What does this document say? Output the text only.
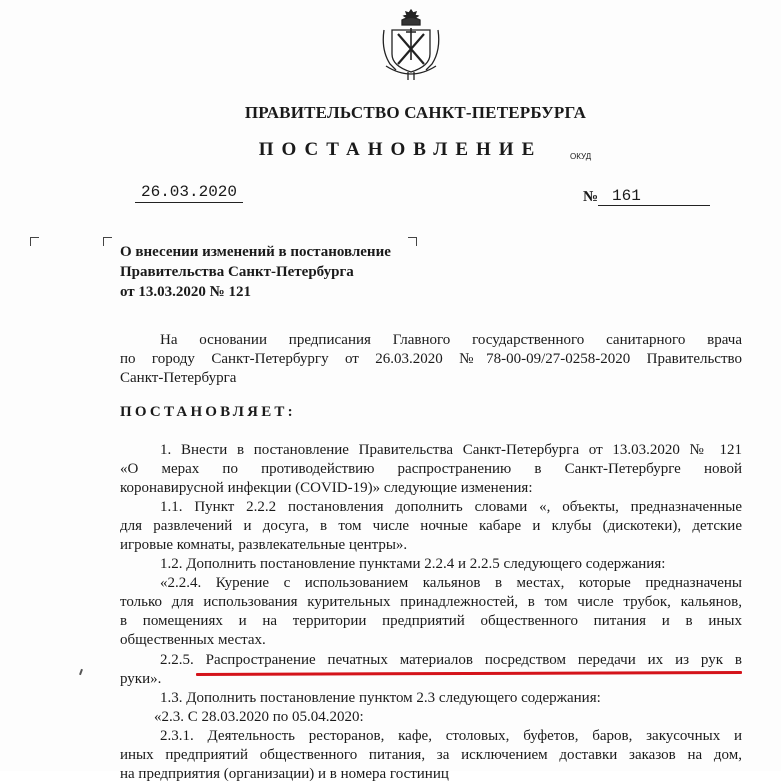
ПРАВИТЕЛЬСТВО САНКТ-ПЕТЕРБУРГА
ПОСТАНОВЛЕНИЕ	ОКУД
26.03.2020	№ 161
О внесении изменений в постановление
Правительства Санкт-Петербурга
от 13.03.2020 № 121
На основании предписания Главного государственного санитарного врача
по городу Санкт-Петербургу от 26.03.2020 №78-00-09/27-0258-2020 Правительство
Санкт-Петербурга
ПОСТАНОВЛЯЕТ:
1. Внести в постановление Правительства Санкт-Петербурга от 13.03.2020 № 121
«О мерах по противодействию распространению в Санкт-Петербурге новой
коронавирусной инфекции (COVID-19)» следующие изменения:
1.1. Пункт 2.2.2 постановления дополнить словами «, объекты, предназначенные
для развлечений и досуга, в том числе ночные кабаре и клубы (дискотеки), детские
игровые комнаты, развлекательные центры».
1.2. Дополнить постановление пунктами 2.2.4 и 2.2.5 следующего содержания:
«2.2.4. Курение с использованием кальянов в местах, которые предназначены
только для использования курительных принадлежностей, в том числе трубок, кальянов,
в помещениях и на территории предприятий общественного питания и в иных
общественных местах.
2.2.5. Распространение печатных материалов посредством передачи их из рук в
руки».
1.3. Дополнить постановление пунктом 2.3 следующего содержания:
«2.3. С 28.03.2020 по 05.04.2020:
2.3.1. Деятельность ресторанов, кафе, столовых, буфетов, баров, закусочных и
иных предприятий общественного питания, за исключением доставки заказов на дом,
на предприятия (организации) и в номера гостиниц
